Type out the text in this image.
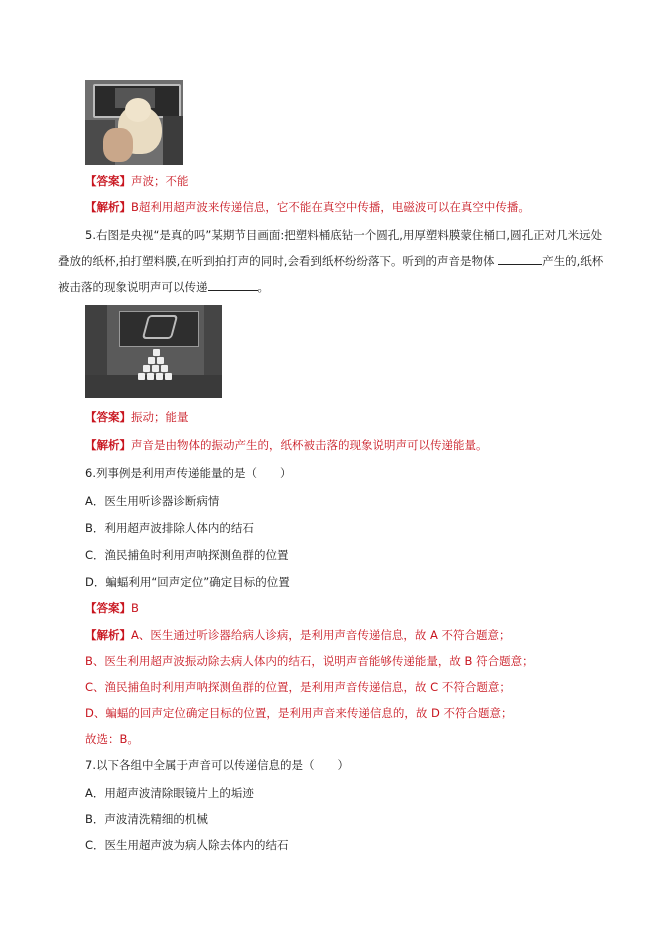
【答案】声波；不能
【解析】B超利用超声波来传递信息，它不能在真空中传播，电磁波可以在真空中传播。
5.右图是央视“是真的吗”某期节目画面:把塑料桶底钻一个圆孔,用厚塑料膜蒙住桶口,圆孔正对几米远处
叠放的纸杯,拍打塑料膜,在听到拍打声的同时,会看到纸杯纷纷落下。听到的声音是物体	产生的,纸杯
被击落的现象说明声可以传递	。
【答案】振动；能量
【解析】声音是由物体的振动产生的，纸杯被击落的现象说明声可以传递能量。
6.列事例是利用声传递能量的是（　　）
A．医生用听诊器诊断病情
B．利用超声波排除人体内的结石
C．渔民捕鱼时利用声呐探测鱼群的位置
D．蝙蝠利用“回声定位”确定目标的位置
【答案】B
【解析】A、医生通过听诊器给病人诊病，是利用声音传递信息，故 A 不符合题意；
B、医生利用超声波振动除去病人体内的结石，说明声音能够传递能量，故 B 符合题意；
C、渔民捕鱼时利用声呐探测鱼群的位置，是利用声音传递信息，故 C 不符合题意；
D、蝙蝠的回声定位确定目标的位置，是利用声音来传递信息的，故 D 不符合题意；
故选：B。
7.以下各组中全属于声音可以传递信息的是（　　）
A．用超声波清除眼镜片上的垢迹
B．声波清洗精细的机械
C．医生用超声波为病人除去体内的结石
